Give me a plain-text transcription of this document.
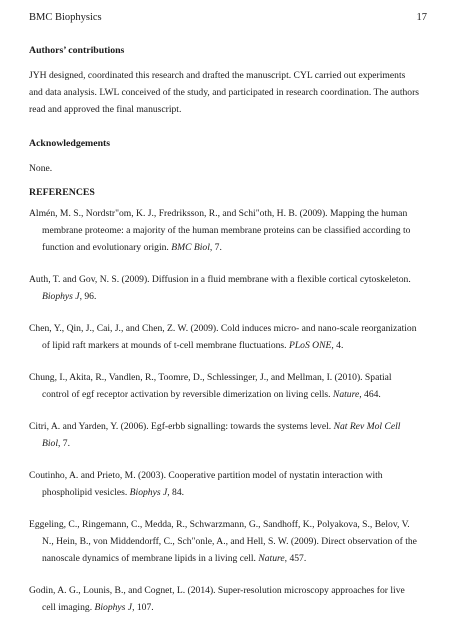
BMC Biophysics	17

Authors’ contributions

JYH designed, coordinated this research and drafted the manuscript. CYL carried out experiments and data analysis. LWL conceived of the study, and participated in research coordination. The authors read and approved the final manuscript.

Acknowledgements

None.

REFERENCES

Almén, M. S., Nordstr"om, K. J., Fredriksson, R., and Schi"oth, H. B. (2009). Mapping the human membrane proteome: a majority of the human membrane proteins can be classified according to function and evolutionary origin. BMC Biol, 7.
Auth, T. and Gov, N. S. (2009). Diffusion in a fluid membrane with a flexible cortical cytoskeleton. Biophys J, 96.
Chen, Y., Qin, J., Cai, J., and Chen, Z. W. (2009). Cold induces micro- and nano-scale reorganization of lipid raft markers at mounds of t-cell membrane fluctuations. PLoS ONE, 4.
Chung, I., Akita, R., Vandlen, R., Toomre, D., Schlessinger, J., and Mellman, I. (2010). Spatial control of egf receptor activation by reversible dimerization on living cells. Nature, 464.
Citri, A. and Yarden, Y. (2006). Egf-erbb signalling: towards the systems level. Nat Rev Mol Cell Biol, 7.
Coutinho, A. and Prieto, M. (2003). Cooperative partition model of nystatin interaction with phospholipid vesicles. Biophys J, 84.
Eggeling, C., Ringemann, C., Medda, R., Schwarzmann, G., Sandhoff, K., Polyakova, S., Belov, V. N., Hein, B., von Middendorff, C., Sch"onle, A., and Hell, S. W. (2009). Direct observation of the nanoscale dynamics of membrane lipids in a living cell. Nature, 457.
Godin, A. G., Lounis, B., and Cognet, L. (2014). Super-resolution microscopy approaches for live cell imaging. Biophys J, 107.
